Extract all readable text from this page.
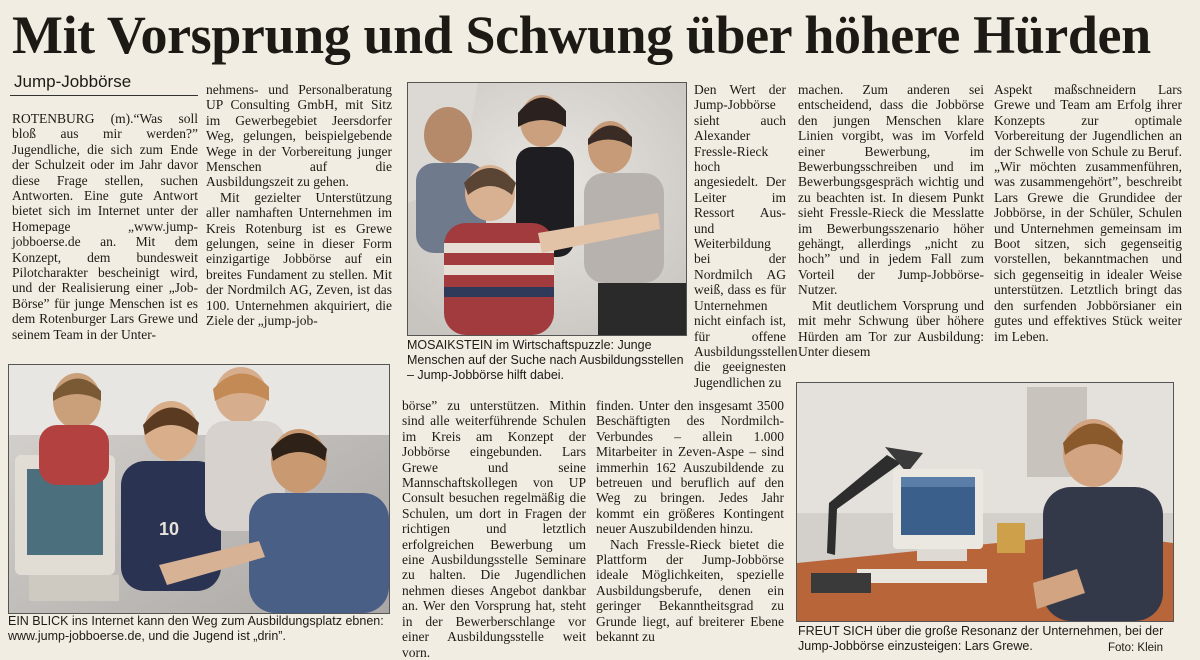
Mit Vorsprung und Schwung über höhere Hürden
Jump-Jobbörse

ROTENBURG (m).“Was soll bloß aus mir werden?” Jugendliche, die sich zum Ende der Schulzeit oder im Jahr davor diese Frage stellen, suchen Antworten. Eine gute Antwort bietet sich im Internet unter der Homepage „www.jump-jobboerse.de an. Mit dem Konzept, dem bundesweit Pilotcharakter bescheinigt wird, und der Realisierung einer „Job-Börse” für junge Menschen ist es dem Rotenburger Lars Grewe und seinem Team in der Unter-

nehmens- und Personalberatung UP Consulting GmbH, mit Sitz im Gewerbegebiet Jeersdorfer Weg, gelungen, beispielgebende Wege in der Vorbereitung junger Menschen auf die Ausbildungszeit zu gehen.

Mit gezielter Unterstützung aller namhaften Unternehmen im Kreis Rotenburg ist es Grewe gelungen, seine in dieser Form einzigartige Jobbörse auf ein breites Fundament zu stellen. Mit der Nordmilch AG, Zeven, ist das 100. Unternehmen akquiriert, die Ziele der „jump-job-

MOSAIKSTEIN im Wirtschaftspuzzle: Junge Menschen auf der Suche nach Ausbildungsstellen – Jump-Jobbörse hilft dabei.

börse” zu unterstützen. Mithin sind alle weiterführende Schulen im Kreis am Konzept der Jobbörse eingebunden. Lars Grewe und seine Mannschaftskollegen von UP Consult besuchen regelmäßig die Schulen, um dort in Fragen der richtigen und letztlich erfolgreichen Bewerbung um eine Ausbildungsstelle Seminare zu halten. Die Jugendlichen nehmen dieses Angebot dankbar an. Wer den Vorsprung hat, steht in der Bewerberschlange vor einer Ausbildungsstelle weit vorn.

Den Wert der Jump-Jobbörse sieht auch Alexander Fressle-Rieck hoch angesiedelt. Der Leiter im Ressort Aus- und Weiterbildung bei der Nordmilch AG weiß, dass es für Unternehmen nicht einfach ist, für offene Ausbildungsstellen die geeignesten Jugendlichen zu

finden. Unter den insgesamt 3500 Beschäftigten des Nordmilch-Verbundes – allein 1.000 Mitarbeiter in Zeven-Aspe – sind immerhin 162 Auszubildende zu betreuen und beruflich auf den Weg zu bringen. Jedes Jahr kommt ein größeres Kontingent neuer Auszubildenden hinzu.

Nach Fressle-Rieck bietet die Plattform der Jump-Jobbörse ideale Möglichkeiten, spezielle Ausbildungsberufe, denen ein geringer Bekanntheitsgrad zu Grunde liegt, auf breiterer Ebene bekannt zu

machen. Zum anderen sei entscheidend, dass die Jobbörse den jungen Menschen klare Linien vorgibt, was im Vorfeld einer Bewerbung, im Bewerbungsschreiben und im Bewerbungsgespräch wichtig und zu beachten ist. In diesem Punkt sieht Fressle-Rieck die Messlatte im Bewerbungsszenario höher gehängt, allerdings „nicht zu hoch” und in jedem Fall zum Vorteil der Jump-Jobbörse-Nutzer.

Mit deutlichem Vorsprung und mit mehr Schwung über höhere Hürden am Tor zur Ausbildung: Unter diesem

Aspekt maßschneidern Lars Grewe und Team am Erfolg ihrer Konzepts zur optimale Vorbereitung der Jugendlichen an der Schwelle von Schule zu Beruf. „Wir möchten zusammenführen, was zusammengehört”, beschreibt Lars Grewe die Grundidee der Jobbörse, in der Schüler, Schulen und Unternehmen gemeinsam im Boot sitzen, sich gegenseitig vorstellen, bekanntmachen und sich gegenseitig in idealer Weise unterstützen. Letztlich bringt das den surfenden Jobbörsianer ein gutes und effektives Stück weiter im Leben.

10
EIN BLICK ins Internet kann den Weg zum Ausbildungsplatz ebnen: www.jump-jobboerse.de, und die Jugend ist „drin”.	FREUT SICH über die große Resonanz der Unternehmen, bei der Jump-Jobbörse einzusteigen: Lars Grewe.	Foto: Klein
